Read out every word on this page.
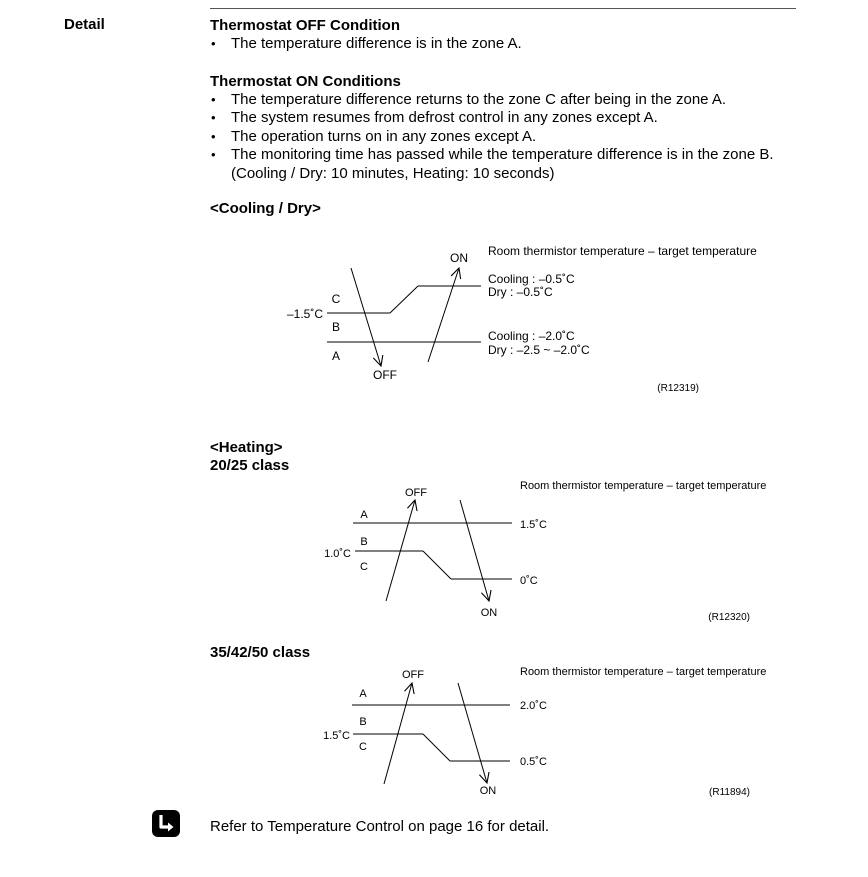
Detail	Thermostat OFF Condition
• The temperature difference is in the zone A.
Thermostat ON Conditions
• The temperature difference returns to the zone C after being in the zone A.
• The system resumes from defrost control in any zones except A.
• The operation turns on in any zones except A.
• The monitoring time has passed while the temperature difference is in the zone B.
(Cooling / Dry: 10 minutes, Heating: 10 seconds)
<Cooling / Dry>
<Heating>
20/25 class
35/42/50 class
Room thermistor temperature – target temperature
Cooling : –0.5˚C
Dry : –0.5˚C
Cooling : –2.0˚C
Dry : –2.5 ~ –2.0˚C
–1.5˚C
C
B
A
ON
OFF
(R12319)
Room thermistor temperature – target temperature
1.5˚C
0˚C
1.0˚C
A
B
C
OFF
ON	(R12320)
Room thermistor temperature – target temperature
2.0˚C
0.5˚C
1.5˚C
A
B
C
OFF
ON	(R11894)
Refer to Temperature Control on page 16 for detail.
